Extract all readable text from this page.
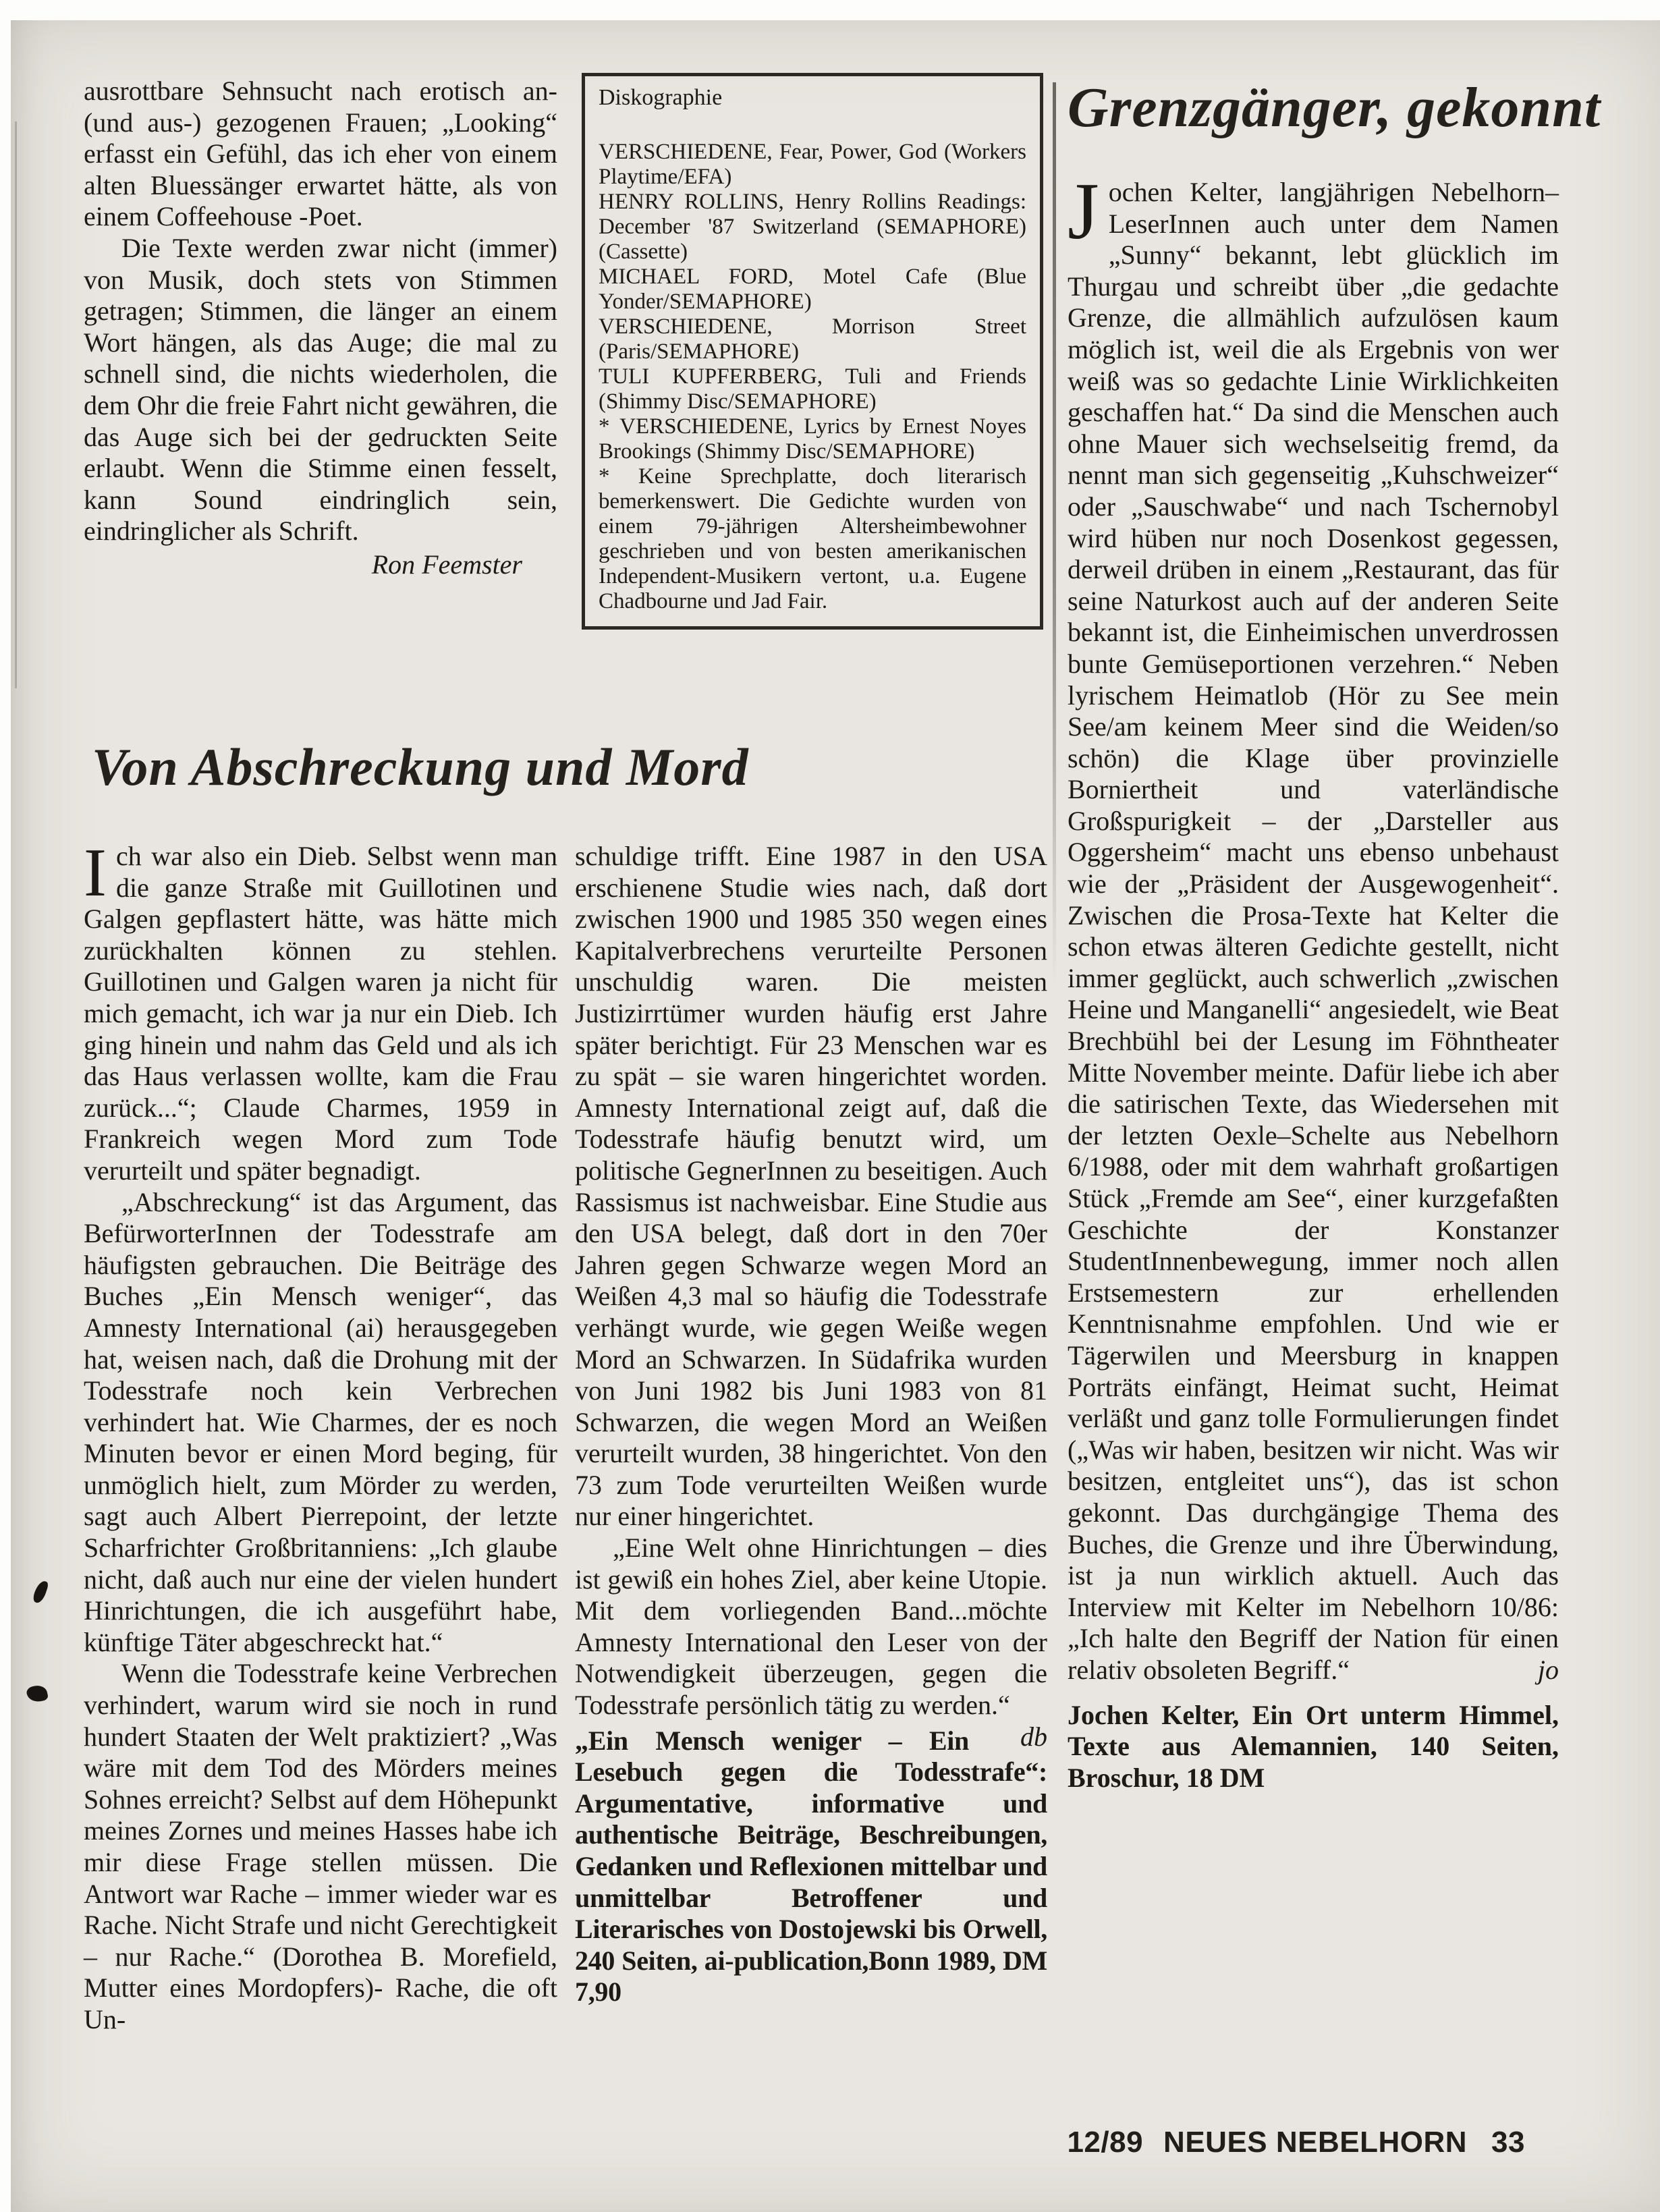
ausrottbare Sehnsucht nach erotisch an- (und aus-) gezogenen Frauen; „Looking“ erfasst ein Gefühl, das ich eher von einem alten Bluessänger erwartet hätte, als von einem Coffeehouse -Poet.

Die Texte werden zwar nicht (immer) von Musik, doch stets von Stimmen getragen; Stimmen, die länger an einem Wort hängen, als das Auge; die mal zu schnell sind, die nichts wiederholen, die dem Ohr die freie Fahrt nicht gewähren, die das Auge sich bei der gedruckten Seite erlaubt. Wenn die Stimme einen fesselt, kann Sound eindringlich sein, eindringlicher als Schrift.

Ron Feemster

Diskographie

VERSCHIEDENE, Fear, Power, God (Workers Playtime/EFA)

HENRY ROLLINS, Henry Rollins Readings: December '87 Switzerland (SEMAPHORE) (Cassette)

MICHAEL FORD, Motel Cafe (Blue Yonder/SEMAPHORE)

VERSCHIEDENE, Morrison Street (Paris/SEMAPHORE)

TULI KUPFERBERG, Tuli and Friends (Shimmy Disc/SEMAPHORE)

* VERSCHIEDENE, Lyrics by Ernest Noyes Brookings (Shimmy Disc/SEMAPHORE)

* Keine Sprechplatte, doch literarisch bemerkenswert. Die Gedichte wurden von einem 79-jährigen Altersheimbewohner geschrieben und von besten amerikanischen Independent-Musikern vertont, u.a. Eugene Chadbourne und Jad Fair.

Grenzgänger, gekonnt

Jochen Kelter, langjährigen Nebelhorn–LeserInnen auch unter dem Namen „Sunny“ bekannt, lebt glücklich im Thurgau und schreibt über „die gedachte Grenze, die allmählich aufzulösen kaum möglich ist, weil die als Ergebnis von wer weiß was so gedachte Linie Wirklichkeiten geschaffen hat.“ Da sind die Menschen auch ohne Mauer sich wechselseitig fremd, da nennt man sich gegenseitig „Kuhschweizer“ oder „Sauschwabe“ und nach Tschernobyl wird hüben nur noch Dosenkost gegessen, derweil drüben in einem „Restaurant, das für seine Naturkost auch auf der anderen Seite bekannt ist, die Einheimischen unverdrossen bunte Gemüseportionen verzehren.“ Neben lyrischem Heimatlob (Hör zu See mein See/am keinem Meer sind die Weiden/so schön) die Klage über provinzielle Borniertheit und vaterländische Großspurigkeit – der „Darsteller aus Oggersheim“ macht uns ebenso unbehaust wie der „Präsident der Ausgewogenheit“. Zwischen die Prosa-Texte hat Kelter die schon etwas älteren Gedichte gestellt, nicht immer geglückt, auch schwerlich „zwischen Heine und Manganelli“ angesiedelt, wie Beat Brechbühl bei der Lesung im Föhntheater Mitte November meinte. Dafür liebe ich aber die satirischen Texte, das Wiedersehen mit der letzten Oexle–Schelte aus Nebelhorn 6/1988, oder mit dem wahrhaft großartigen Stück „Fremde am See“, einer kurzgefaßten Geschichte der Konstanzer StudentInnenbewegung, immer noch allen Erstsemestern zur erhellenden Kenntnisnahme empfohlen. Und wie er Tägerwilen und Meersburg in knappen Porträts einfängt, Heimat sucht, Heimat verläßt und ganz tolle Formulierungen findet („Was wir haben, besitzen wir nicht. Was wir besitzen, entgleitet uns“), das ist schon gekonnt. Das durchgängige Thema des Buches, die Grenze und ihre Überwindung, ist ja nun wirklich aktuell. Auch das Interview mit Kelter im Nebelhorn 10/86: „Ich halte den Begriff der Nation für einen relativ obsoleten Begriff.“	jo

Jochen Kelter, Ein Ort unterm Himmel, Texte aus Alemannien, 140 Seiten, Broschur, 18 DM

Von Abschreckung und Mord

Ich war also ein Dieb. Selbst wenn man die ganze Straße mit Guillotinen und Galgen gepflastert hätte, was hätte mich zurückhalten können zu stehlen. Guillotinen und Galgen waren ja nicht für mich gemacht, ich war ja nur ein Dieb. Ich ging hinein und nahm das Geld und als ich das Haus verlassen wollte, kam die Frau zurück...“; Claude Charmes, 1959 in Frankreich wegen Mord zum Tode verurteilt und später begnadigt.

„Abschreckung“ ist das Argument, das BefürworterInnen der Todesstrafe am häufigsten gebrauchen. Die Beiträge des Buches „Ein Mensch weniger“, das Amnesty International (ai) herausgegeben hat, weisen nach, daß die Drohung mit der Todesstrafe noch kein Verbrechen verhindert hat. Wie Charmes, der es noch Minuten bevor er einen Mord beging, für unmöglich hielt, zum Mörder zu werden, sagt auch Albert Pierrepoint, der letzte Scharfrichter Großbritanniens: „Ich glaube nicht, daß auch nur eine der vielen hundert Hinrichtungen, die ich ausgeführt habe, künftige Täter abgeschreckt hat.“

Wenn die Todesstrafe keine Verbrechen verhindert, warum wird sie noch in rund hundert Staaten der Welt praktiziert? „Was wäre mit dem Tod des Mörders meines Sohnes erreicht? Selbst auf dem Höhepunkt meines Zornes und meines Hasses habe ich mir diese Frage stellen müssen. Die Antwort war Rache – immer wieder war es Rache. Nicht Strafe und nicht Gerechtigkeit – nur Rache.“ (Dorothea B. Morefield, Mutter eines Mordopfers)- Rache, die oft Un-

schuldige trifft. Eine 1987 in den USA erschienene Studie wies nach, daß dort zwischen 1900 und 1985 350 wegen eines Kapitalverbrechens verurteilte Personen unschuldig waren. Die meisten Justizirrtümer wurden häufig erst Jahre später berichtigt. Für 23 Menschen war es zu spät – sie waren hingerichtet worden. Amnesty International zeigt auf, daß die Todesstrafe häufig benutzt wird, um politische GegnerInnen zu beseitigen. Auch Rassismus ist nachweisbar. Eine Studie aus den USA belegt, daß dort in den 70er Jahren gegen Schwarze wegen Mord an Weißen 4,3 mal so häufig die Todesstrafe verhängt wurde, wie gegen Weiße wegen Mord an Schwarzen. In Südafrika wurden von Juni 1982 bis Juni 1983 von 81 Schwarzen, die wegen Mord an Weißen verurteilt wurden, 38 hingerichtet. Von den 73 zum Tode verurteilten Weißen wurde nur einer hingerichtet.

„Eine Welt ohne Hinrichtungen – dies ist gewiß ein hohes Ziel, aber keine Utopie. Mit dem vorliegenden Band...möchte Amnesty International den Leser von der Notwendigkeit überzeugen, gegen die Todesstrafe persönlich tätig zu werden.“
db

„Ein Mensch weniger – Ein Lesebuch gegen die Todesstrafe“: Argumentative, informative und authentische Beiträge, Beschreibungen, Gedanken und Reflexionen mittelbar und unmittelbar Betroffener und Literarisches von Dostojewski bis Orwell, 240 Seiten, ai-publication,Bonn 1989, DM 7,90

12/89 NEUES NEBELHORN 33
